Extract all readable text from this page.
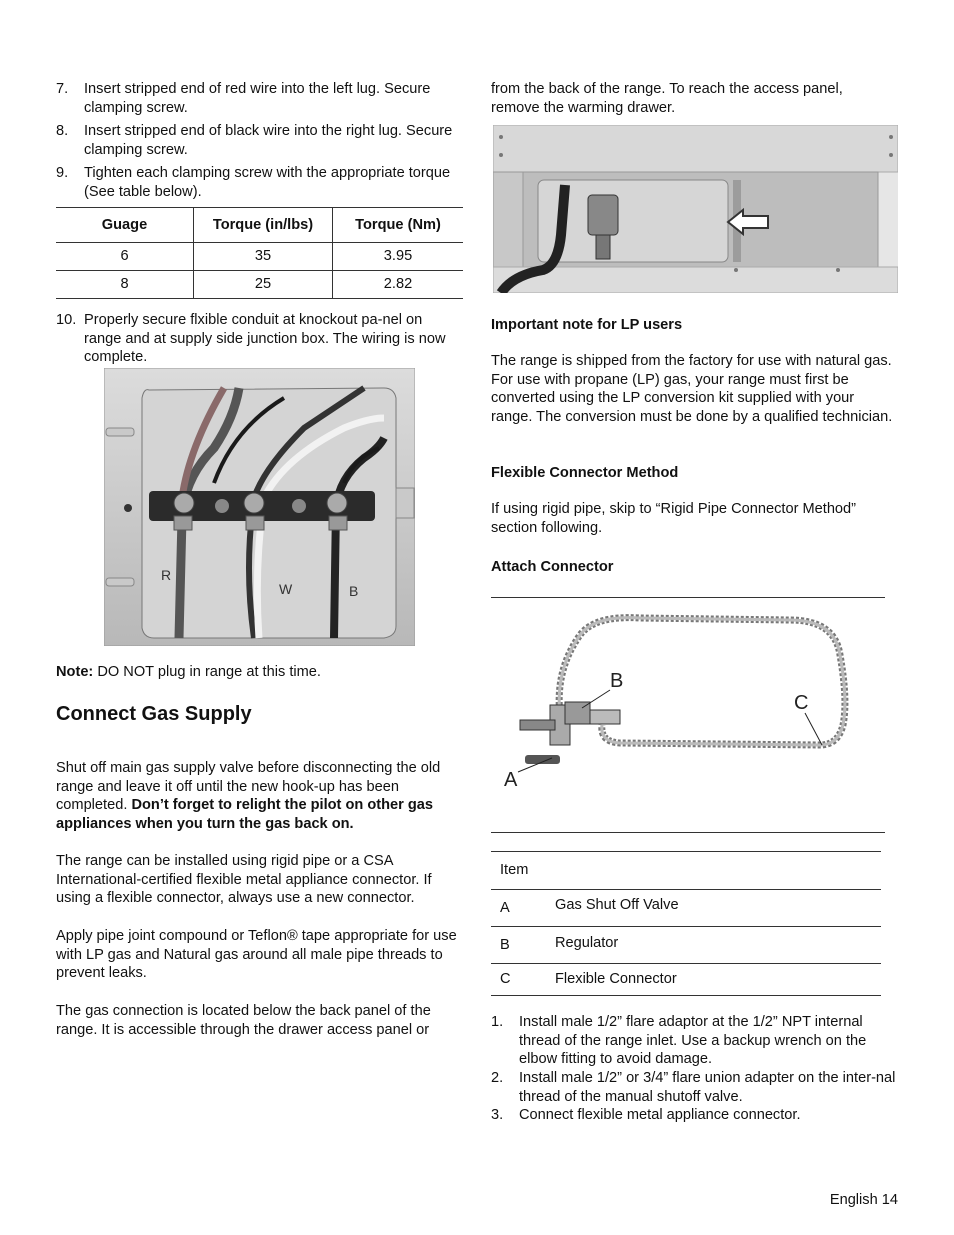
7.	Insert stripped end of red wire into the left lug. Secure clamping screw.
8.	Insert stripped end of black wire into the right lug. Secure clamping screw.
9.	Tighten each clamping screw with the appropriate torque (See table below).
Guage	Torque (in/lbs)	Torque (Nm)
6	35	3.95
8	25	2.82
10. Properly secure flxible conduit at knockout pa-nel on range and at supply side junction box. The wiring is now complete.
R
W	B
Note: DO NOT plug in range at this time.
Connect Gas Supply
Shut off main gas supply valve before disconnecting the old range and leave it off until the new hook-up has been completed. Don’t forget to relight the pilot on other gas appliances when you turn the gas back on.
The range can be installed using rigid pipe or a CSA International-certified flexible metal appliance connector. If using a flexible connector, always use a new connector.
Apply pipe joint compound or Teflon® tape appropriate for use with LP gas and Natural gas around all male pipe threads to prevent leaks.
The gas connection is located below the back panel of the range. It is accessible through the drawer access panel or
from the back of the range. To reach the access panel, remove the warming drawer.
Important note for LP users
The range is shipped from the factory for use with natural gas. For use with propane (LP) gas, your range must first be converted using the LP conversion kit supplied with your range. The conversion must be done by a qualified technician.
Flexible Connector Method
If using rigid pipe, skip to “Rigid Pipe Connector Method” section following.
Attach Connector
B
C
A
Item
A	Gas Shut Off Valve
B	Regulator
C	Flexible Connector
1.	Install male 1/2” flare adaptor at the 1/2” NPT internal thread of the range inlet. Use a backup wrench on the elbow fitting to avoid damage.
2.	Install male 1/2” or 3/4” flare union adapter on the inter-nal thread of the manual shutoff valve.
3.	Connect flexible metal appliance connector.
English 14
